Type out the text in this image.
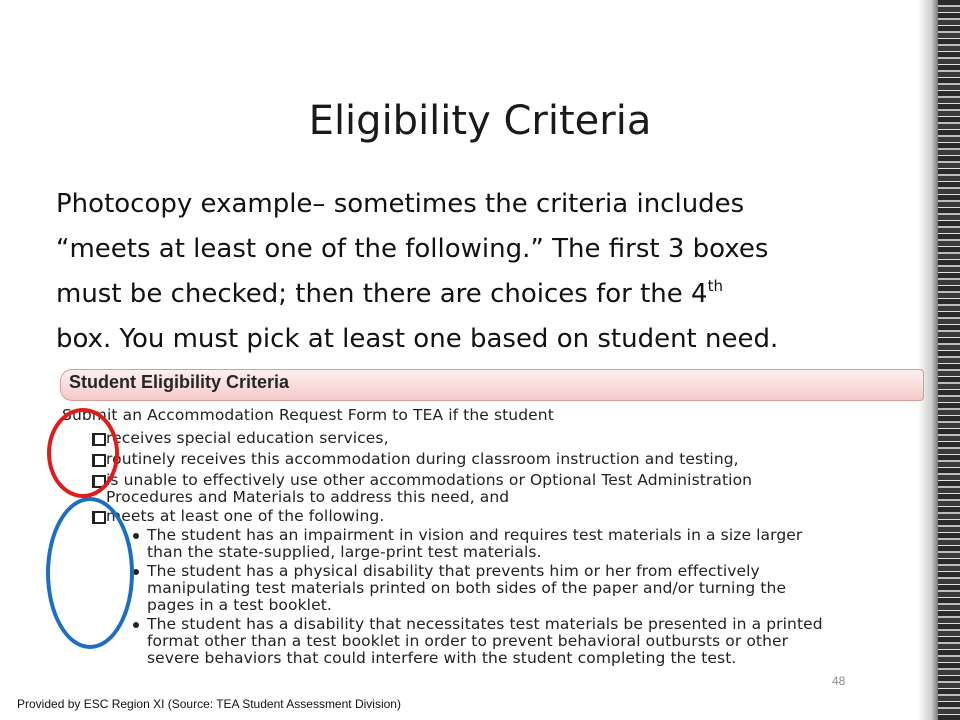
Eligibility Criteria
Photocopy example– sometimes the criteria includes
“meets at least one of the following.” The first 3 boxes
must be checked; then there are choices for the 4th
box. You must pick at least one based on student need.
Student Eligibility Criteria
Submit an Accommodation Request Form to TEA if the student
receives special education services,
routinely receives this accommodation during classroom instruction and testing,
is unable to effectively use other accommodations or Optional Test Administration
Procedures and Materials to address this need, and
meets at least one of the following.
The student has an impairment in vision and requires test materials in a size larger
than the state-supplied, large-print test materials.
The student has a physical disability that prevents him or her from effectively
manipulating test materials printed on both sides of the paper and/or turning the
pages in a test booklet.
The student has a disability that necessitates test materials be presented in a printed
format other than a test booklet in order to prevent behavioral outbursts or other
severe behaviors that could interfere with the student completing the test.
48
Provided by ESC Region XI (Source: TEA Student Assessment Division)
